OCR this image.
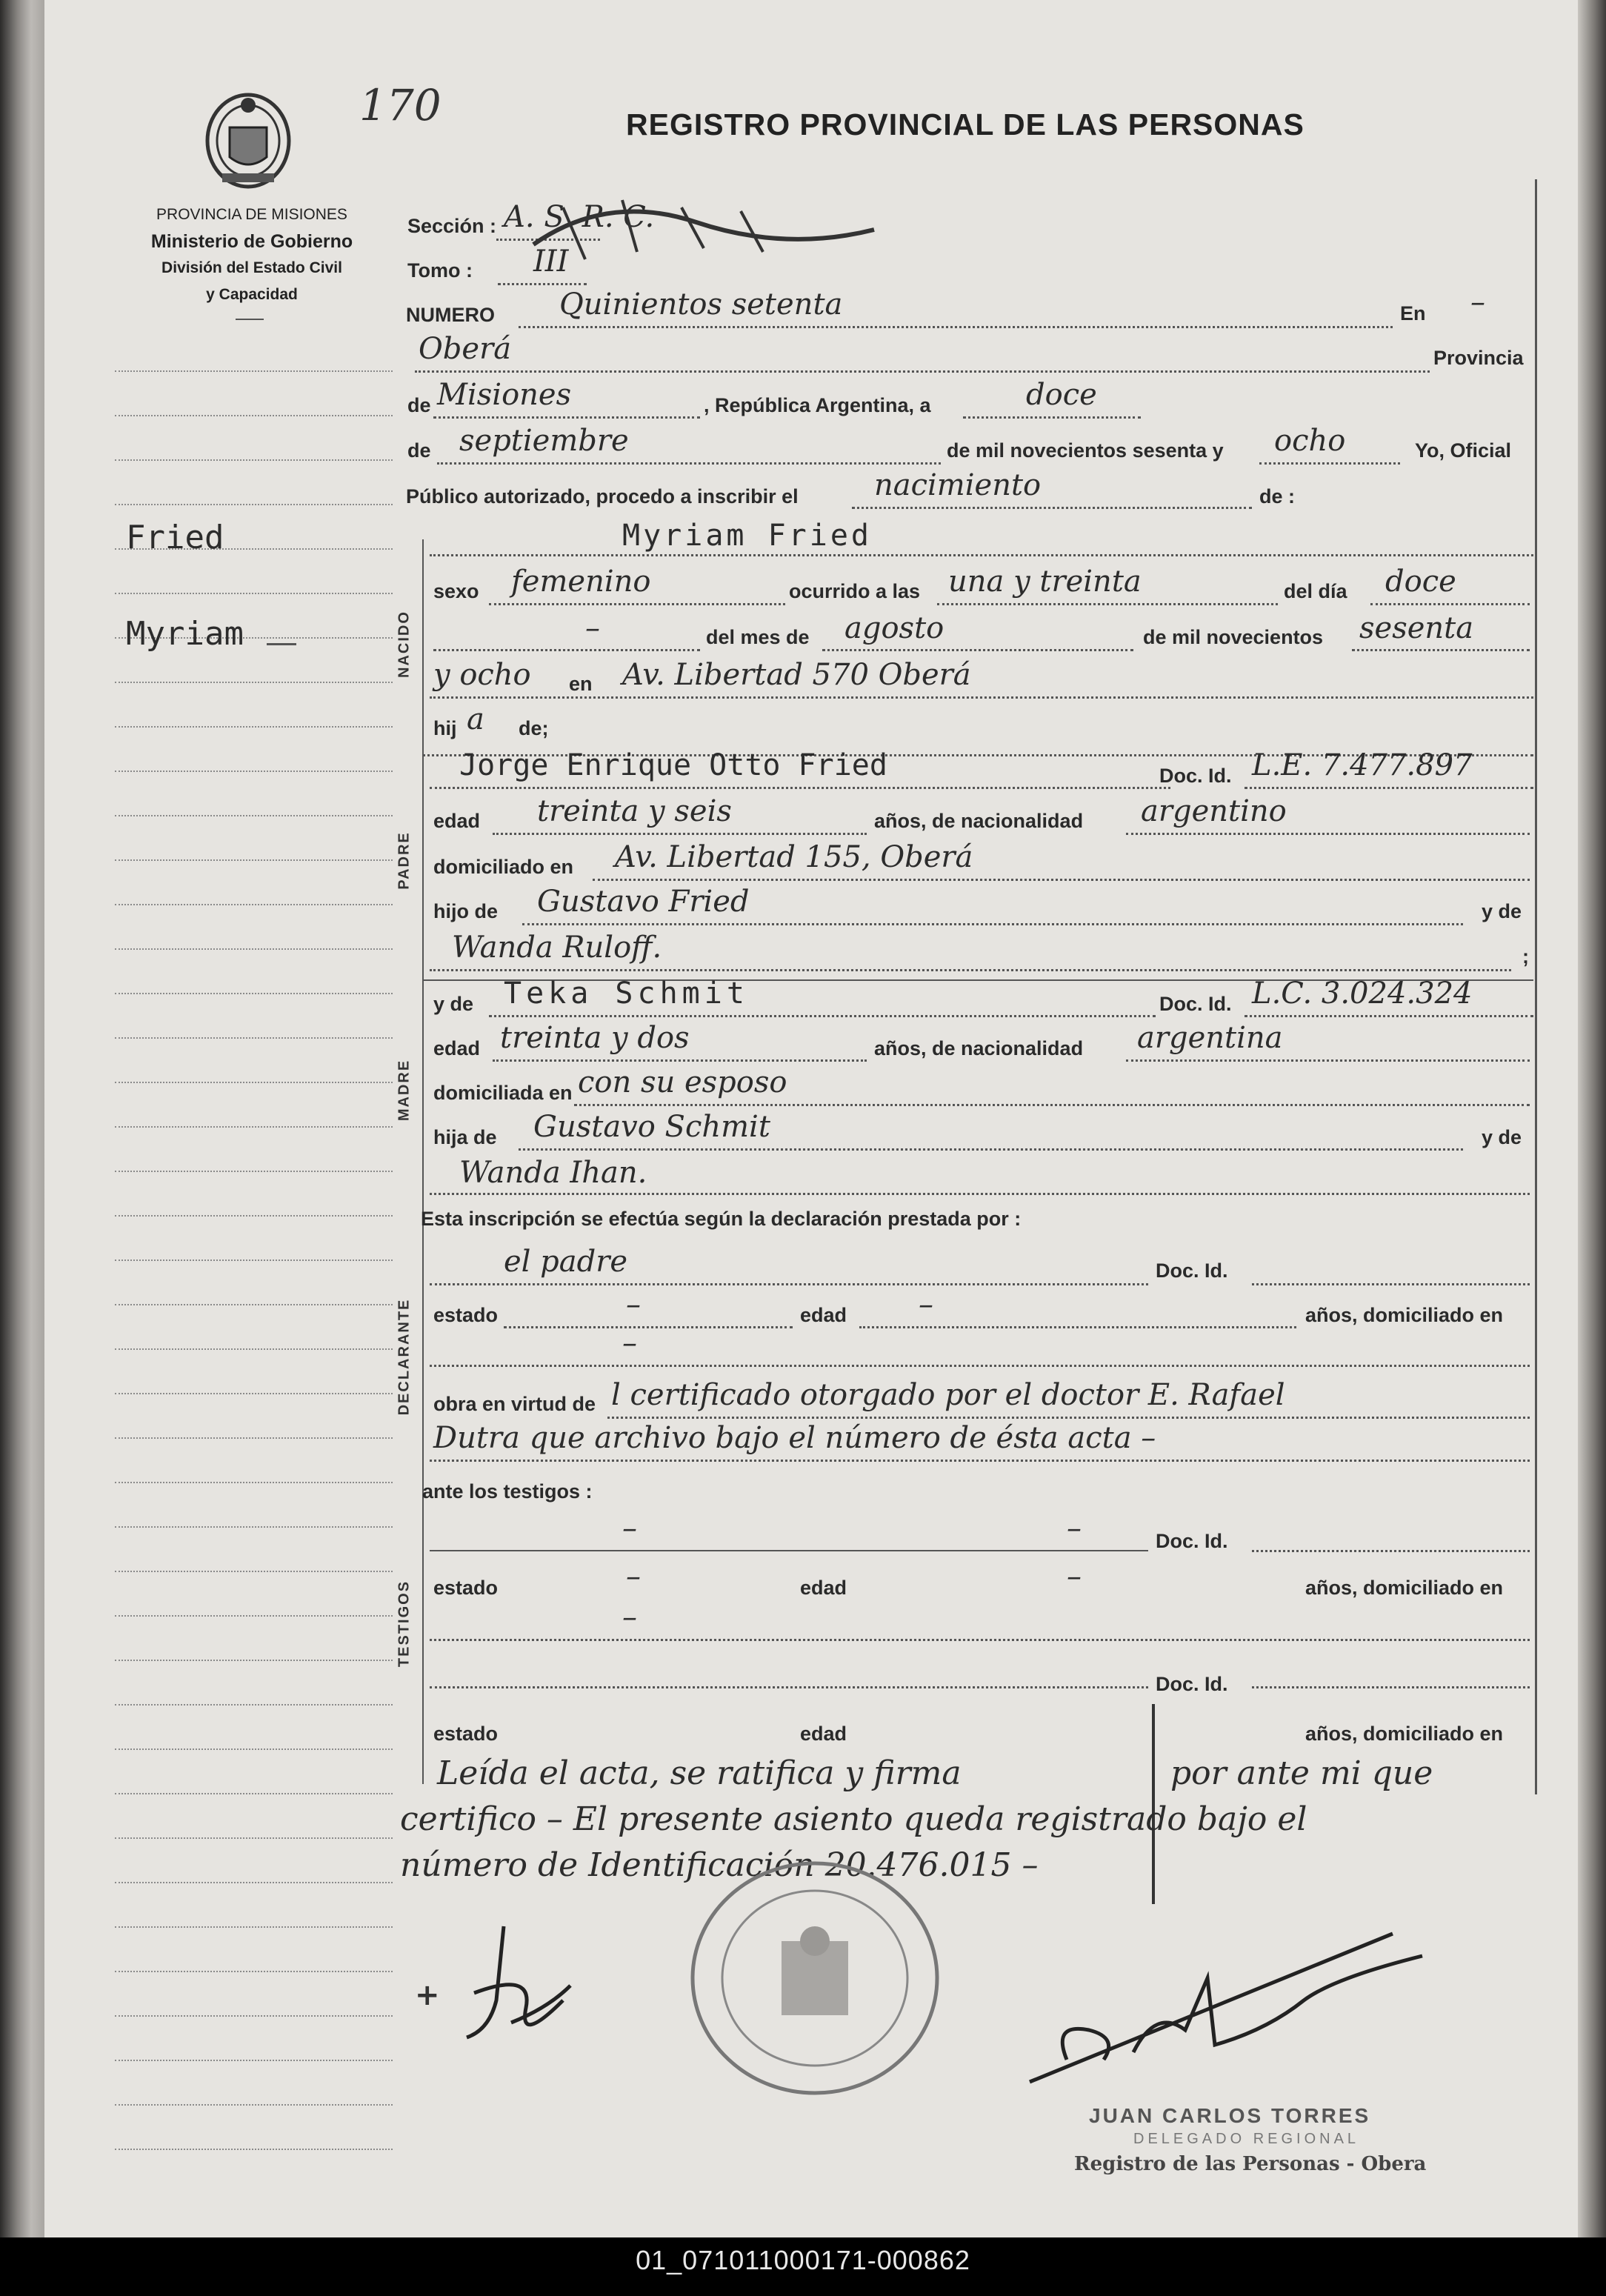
170	REGISTRO PROVINCIAL DE LAS PERSONAS
PROVINCIA DE MISIONES
Ministerio de Gobierno
División del Estado Civil
y Capacidad
Fried
Myriam
Sección : A. S. R. C.
Tomo : III
NUMERO Quinientos setenta	En –
Oberá	Provincia
de Misiones	, República Argentina, a	doce
de septiembre	de mil novecientos sesenta y ocho	Yo, Oficial
Público autorizado, procedo a inscribir el	nacimiento	de :
NACIDO
Myriam Fried
sexo femenino	ocurrido a las una y treinta	del día doce
–	del mes de agosto	de mil novecientos sesenta
y ocho en Av. Libertad 570 Oberá
hij a de;
PADRE
Jorge Enrique Otto Fried	Doc. Id. L.E. 7.477.897
edad treinta y seis	años, de nacionalidad argentino
domiciliado en Av. Libertad 155, Oberá
hijo de Gustavo Fried	y de
Wanda Ruloff.	;
MADRE
y de Teka Schmit	Doc. Id. L.C. 3.024.324
edad treinta y dos	años, de nacionalidad argentina
domiciliada en con su esposo
hija de Gustavo Schmit	y de
Wanda Ihan.
Esta inscripción se efectúa según la declaración prestada por :
DECLARANTE
el padre	Doc. Id.
estado	–	edad –	años, domiciliado en
–
obra en virtud de l certificado otorgado por el doctor E. Rafael
Dutra que archivo bajo el número de ésta acta –
ante los testigos :
TESTIGOS
–	–	Doc. Id.
estado	–	edad	–	años, domiciliado en
–
Doc. Id.
estado	edad	años, domiciliado en
Leída el acta, se ratifica y firma	por ante mi que
certifico – El presente asiento queda registrado bajo el
número de Identificación 20.476.015 –
+
JUAN CARLOS TORRES
DELEGADO REGIONAL
Registro de las Personas - Obera
01_071011000171-000862
